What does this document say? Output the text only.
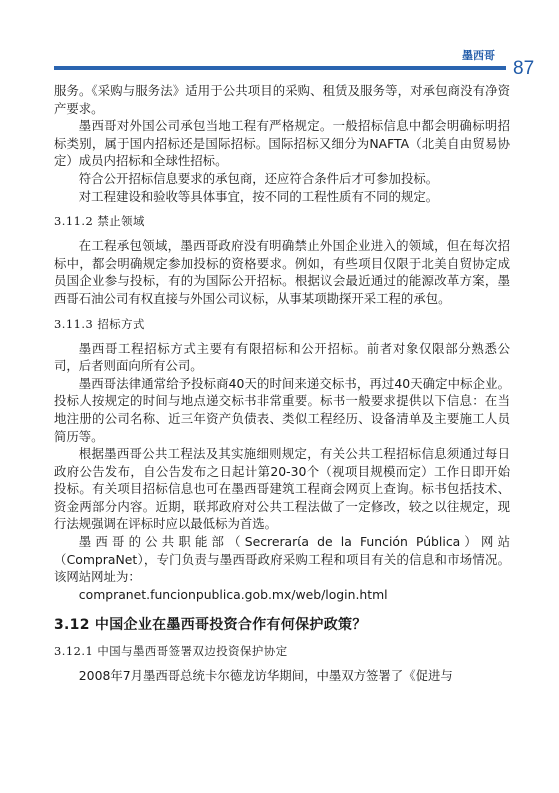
墨西哥
87

服务。《采购与服务法》适用于公共项目的采购、租赁及服务等，对承包商没有净资产要求。

墨西哥对外国公司承包当地工程有严格规定。一般招标信息中都会明确标明招标类别，属于国内招标还是国际招标。国际招标又细分为NAFTA（北美自由贸易协定）成员内招标和全球性招标。

符合公开招标信息要求的承包商，还应符合条件后才可参加投标。

对工程建设和验收等具体事宜，按不同的工程性质有不同的规定。

3.11.2 禁止领域

在工程承包领域，墨西哥政府没有明确禁止外国企业进入的领域，但在每次招标中，都会明确规定参加投标的资格要求。例如，有些项目仅限于北美自贸协定成员国企业参与投标，有的为国际公开招标。根据议会最近通过的能源改革方案，墨西哥石油公司有权直接与外国公司议标，从事某项勘探开采工程的承包。

3.11.3 招标方式

墨西哥工程招标方式主要有有限招标和公开招标。前者对象仅限部分熟悉公司，后者则面向所有公司。

墨西哥法律通常给予投标商40天的时间来递交标书，再过40天确定中标企业。投标人按规定的时间与地点递交标书非常重要。标书一般要求提供以下信息：在当地注册的公司名称、近三年资产负债表、类似工程经历、设备清单及主要施工人员简历等。

根据墨西哥公共工程法及其实施细则规定，有关公共工程招标信息须通过每日政府公告发布，自公告发布之日起计第20-30个（视项目规模而定）工作日即开始投标。有关项目招标信息也可在墨西哥建筑工程商会网页上查询。标书包括技术、资金两部分内容。近期，联邦政府对公共工程法做了一定修改，较之以往规定，现行法规强调在评标时应以最低标为首选。

墨西哥的公共职能部（Secrerarίa de la Función Pública）网站（CompraNet），专门负责与墨西哥政府采购工程和项目有关的信息和市场情况。该网站网址为：

compranet.funcionpublica.gob.mx/web/login.html

3.12 中国企业在墨西哥投资合作有何保护政策？
3.12.1 中国与墨西哥签署双边投资保护协定

2008年7月墨西哥总统卡尔德龙访华期间，中墨双方签署了《促进与
